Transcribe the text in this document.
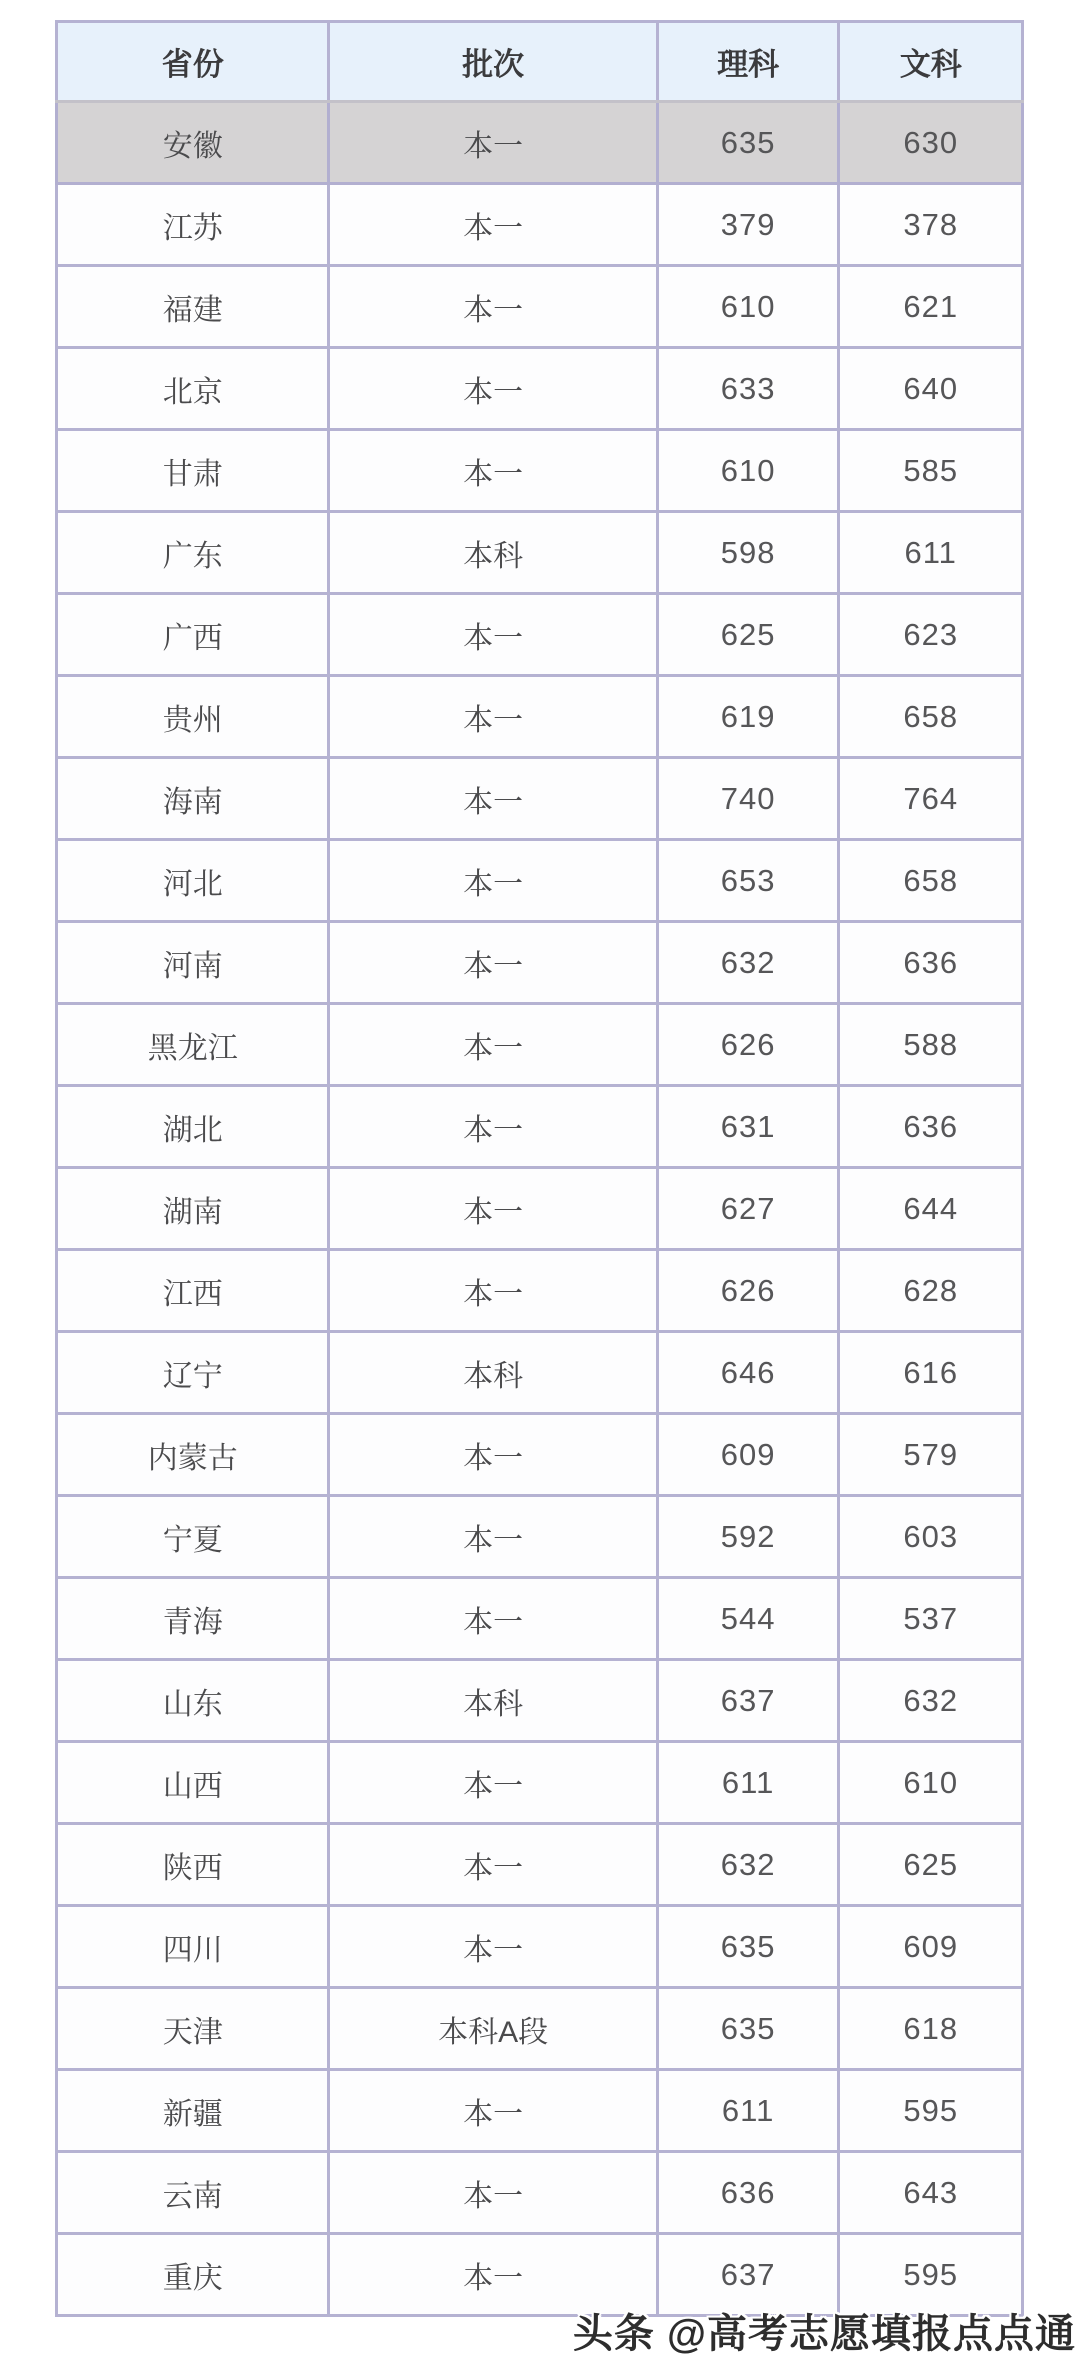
省份	批次	理科	文科
安徽	本一	635	630
江苏	本一	379	378
福建	本一	610	621
北京	本一	633	640
甘肃	本一	610	585
广东	本科	598	611
广西	本一	625	623
贵州	本一	619	658
海南	本一	740	764
河北	本一	653	658
河南	本一	632	636
黑龙江	本一	626	588
湖北	本一	631	636
湖南	本一	627	644
江西	本一	626	628
辽宁	本科	646	616
内蒙古	本一	609	579
宁夏	本一	592	603
青海	本一	544	537
山东	本科	637	632
山西	本一	611	610
陕西	本一	632	625
四川	本一	635	609
天津	本科A段	635	618
新疆	本一	611	595
云南	本一	636	643
重庆	本一	637	595
头条 @高考志愿填报点点通
